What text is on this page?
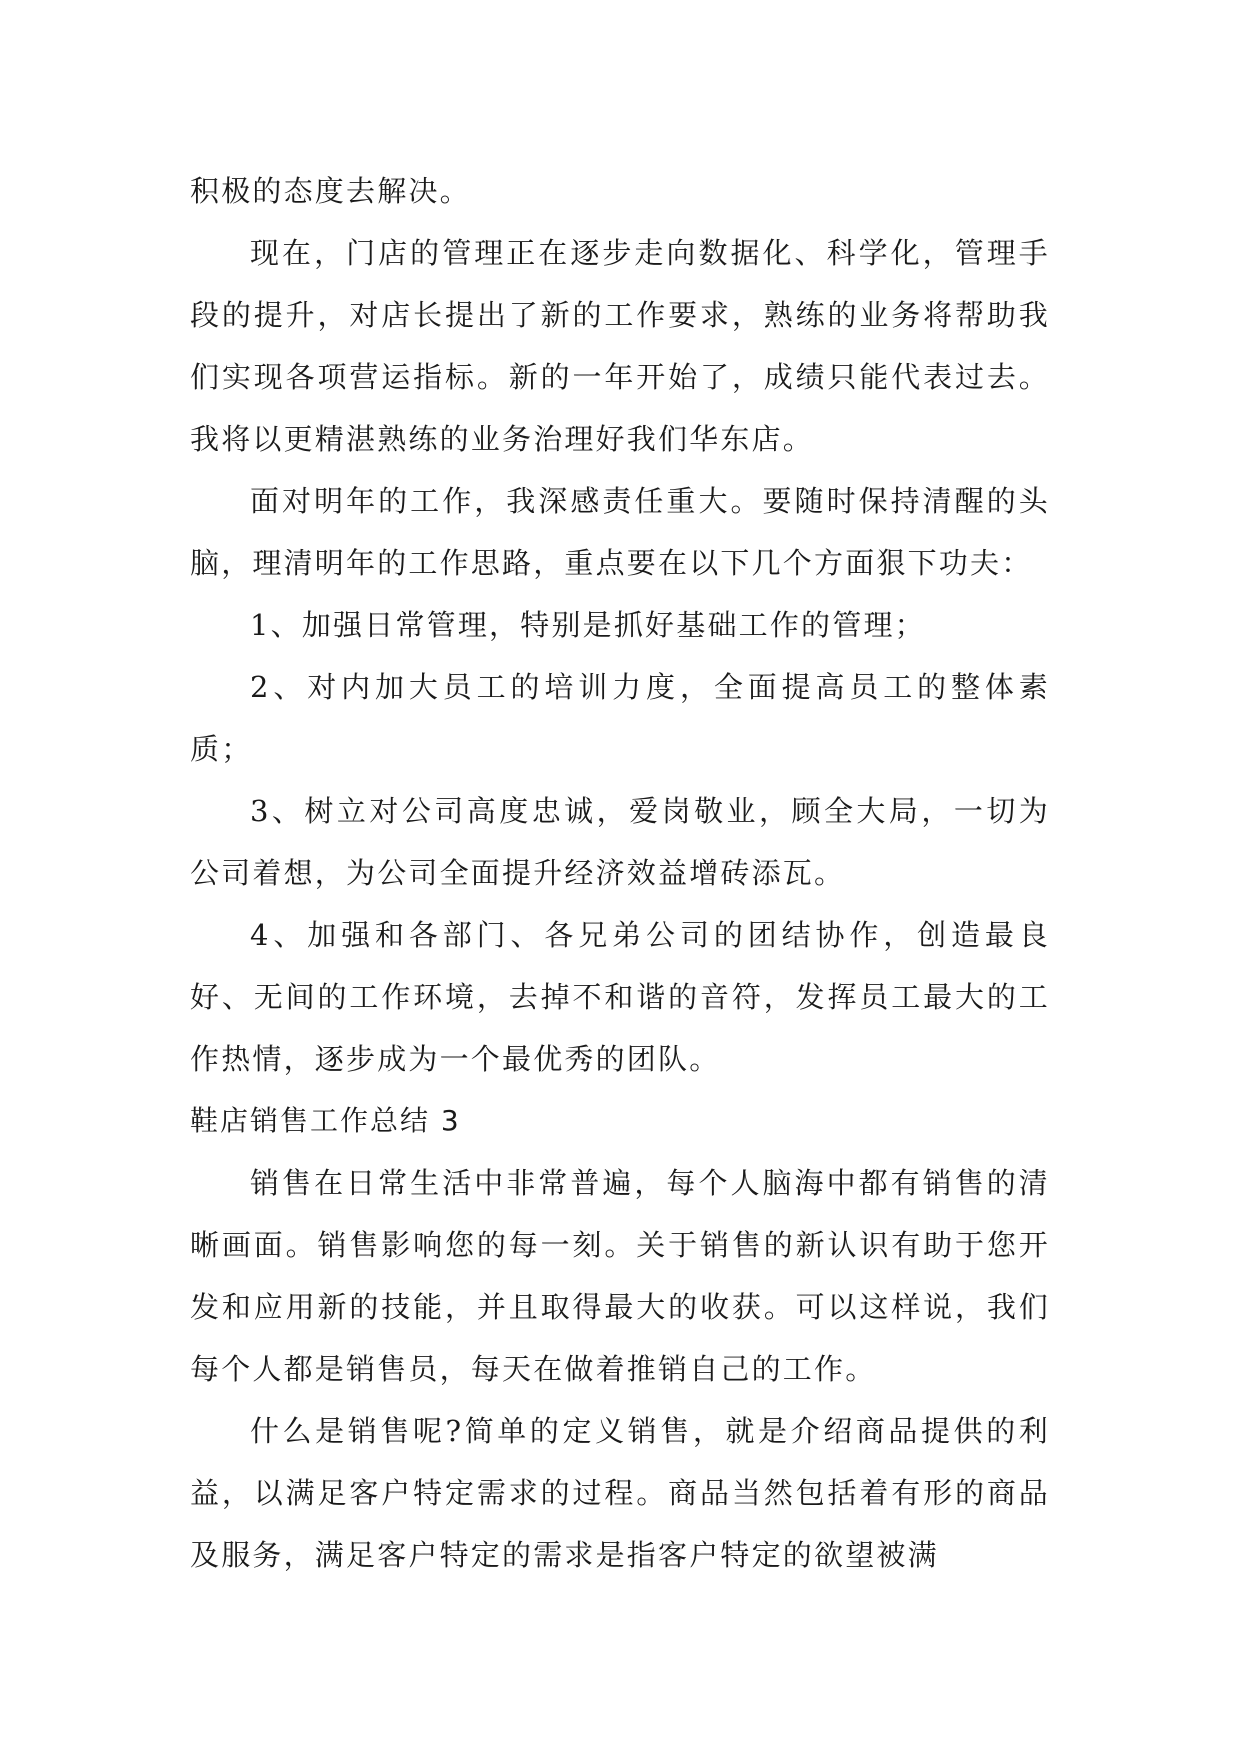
积极的态度去解决。

现在，门店的管理正在逐步走向数据化、科学化，管理手段的提升，对店长提出了新的工作要求，熟练的业务将帮助我们实现各项营运指标。新的一年开始了，成绩只能代表过去。我将以更精湛熟练的业务治理好我们华东店。

面对明年的工作，我深感责任重大。要随时保持清醒的头脑，理清明年的工作思路，重点要在以下几个方面狠下功夫：

1、加强日常管理，特别是抓好基础工作的管理；

2、对内加大员工的培训力度，全面提高员工的整体素质；

3、树立对公司高度忠诚，爱岗敬业，顾全大局，一切为公司着想，为公司全面提升经济效益增砖添瓦。

4、加强和各部门、各兄弟公司的团结协作，创造最良好、无间的工作环境，去掉不和谐的音符，发挥员工最大的工作热情，逐步成为一个最优秀的团队。

鞋店销售工作总结 3

销售在日常生活中非常普遍，每个人脑海中都有销售的清晰画面。销售影响您的每一刻。关于销售的新认识有助于您开发和应用新的技能，并且取得最大的收获。可以这样说，我们每个人都是销售员，每天在做着推销自己的工作。

什么是销售呢?简单的定义销售，就是介绍商品提供的利益，以满足客户特定需求的过程。商品当然包括着有形的商品及服务，满足客户特定的需求是指客户特定的欲望被满
